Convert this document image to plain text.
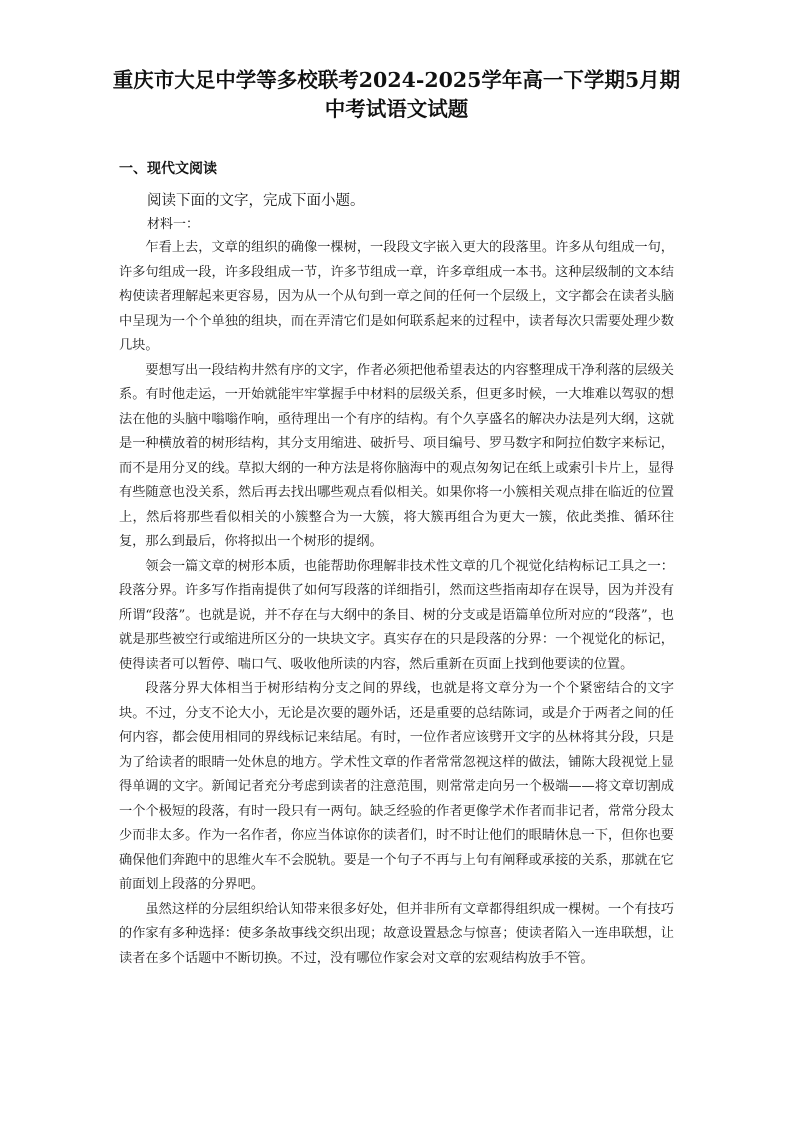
重庆市大足中学等多校联考2024-2025学年高一下学期5月期中考试语文试题
一、现代文阅读

阅读下面的文字，完成下面小题。

材料一：

乍看上去，文章的组织的确像一棵树，一段段文字嵌入更大的段落里。许多从句组成一句，许多句组成一段，许多段组成一节，许多节组成一章，许多章组成一本书。这种层级制的文本结构使读者理解起来更容易，因为从一个从句到一章之间的任何一个层级上，文字都会在读者头脑中呈现为一个个单独的组块，而在弄清它们是如何联系起来的过程中，读者每次只需要处理少数几块。

要想写出一段结构井然有序的文字，作者必须把他希望表达的内容整理成干净利落的层级关系。有时他走运，一开始就能牢牢掌握手中材料的层级关系，但更多时候，一大堆难以驾驭的想法在他的头脑中嗡嗡作响，亟待理出一个有序的结构。有个久享盛名的解决办法是列大纲，这就是一种横放着的树形结构，其分支用缩进、破折号、项目编号、罗马数字和阿拉伯数字来标记，而不是用分叉的线。草拟大纲的一种方法是将你脑海中的观点匆匆记在纸上或索引卡片上，显得有些随意也没关系，然后再去找出哪些观点看似相关。如果你将一小簇相关观点排在临近的位置上，然后将那些看似相关的小簇整合为一大簇，将大簇再组合为更大一簇，依此类推、循环往复，那么到最后，你将拟出一个树形的提纲。

领会一篇文章的树形本质，也能帮助你理解非技术性文章的几个视觉化结构标记工具之一：段落分界。许多写作指南提供了如何写段落的详细指引，然而这些指南却存在误导，因为并没有所谓“段落”。也就是说，并不存在与大纲中的条目、树的分支或是语篇单位所对应的“段落”，也就是那些被空行或缩进所区分的一块块文字。真实存在的只是段落的分界：一个视觉化的标记，使得读者可以暂停、喘口气、吸收他所读的内容，然后重新在页面上找到他要读的位置。

段落分界大体相当于树形结构分支之间的界线，也就是将文章分为一个个紧密结合的文字块。不过，分支不论大小，无论是次要的题外话，还是重要的总结陈词，或是介于两者之间的任何内容，都会使用相同的界线标记来结尾。有时，一位作者应该劈开文字的丛林将其分段，只是为了给读者的眼睛一处休息的地方。学术性文章的作者常常忽视这样的做法，铺陈大段视觉上显得单调的文字。新闻记者充分考虑到读者的注意范围，则常常走向另一个极端——将文章切割成一个个极短的段落，有时一段只有一两句。缺乏经验的作者更像学术作者而非记者，常常分段太少而非太多。作为一名作者，你应当体谅你的读者们，时不时让他们的眼睛休息一下，但你也要确保他们奔跑中的思维火车不会脱轨。要是一个句子不再与上句有阐释或承接的关系，那就在它前面划上段落的分界吧。

虽然这样的分层组织给认知带来很多好处，但并非所有文章都得组织成一棵树。一个有技巧的作家有多种选择：使多条故事线交织出现；故意设置悬念与惊喜；使读者陷入一连串联想，让读者在多个话题中不断切换。不过，没有哪位作家会对文章的宏观结构放手不管。
